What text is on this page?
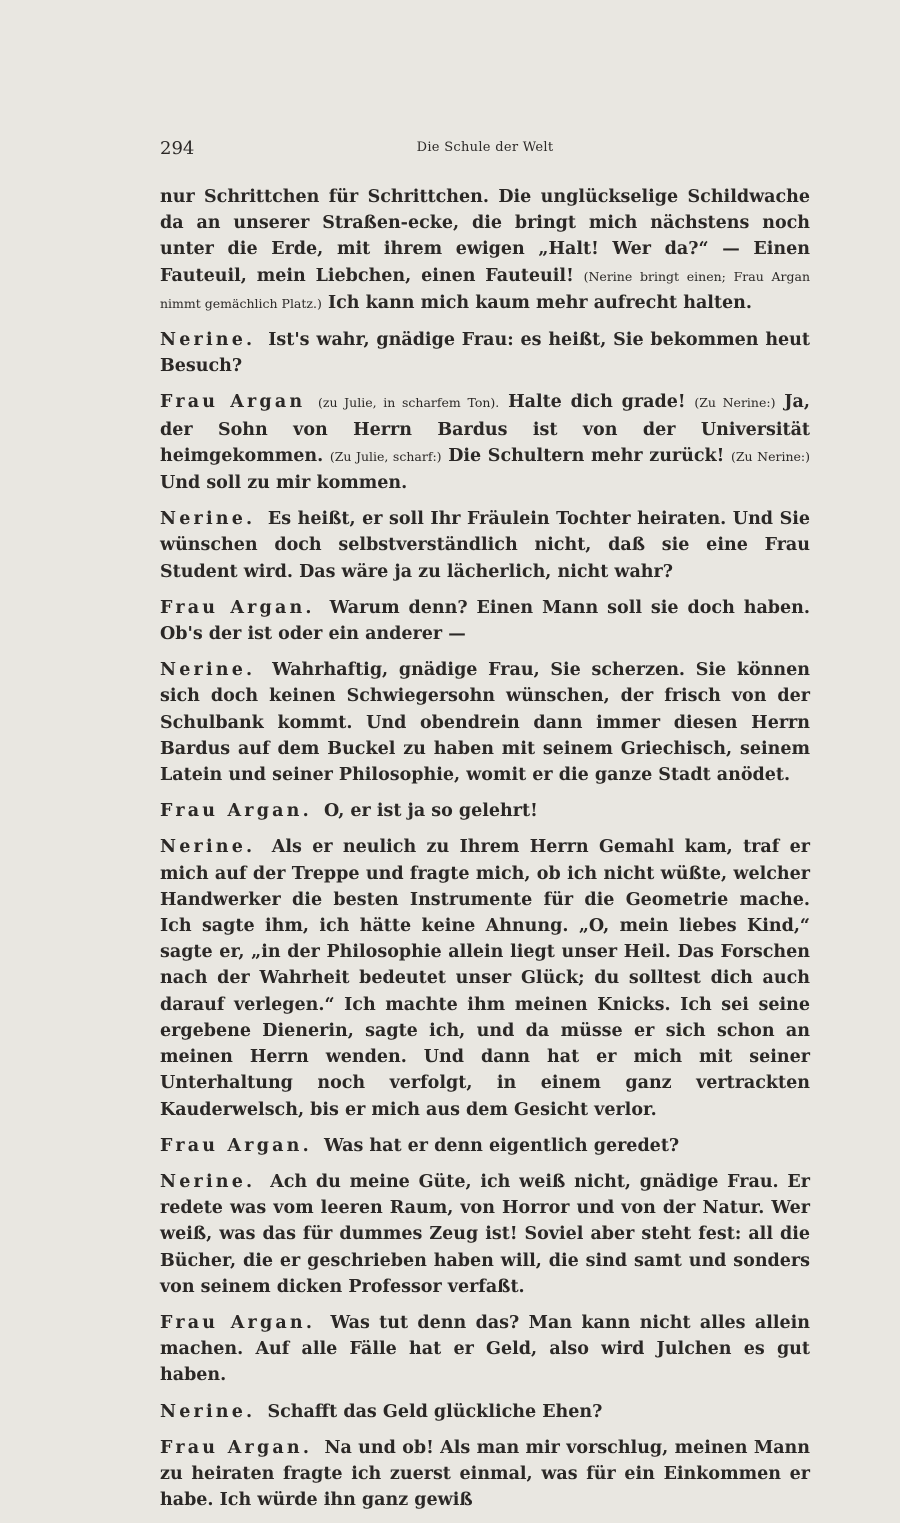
294	Die Schule der Welt

nur Schrittchen für Schrittchen. Die unglückselige Schildwache da an unserer Straßen-ecke, die bringt mich nächstens noch unter die Erde, mit ihrem ewigen „Halt! Wer da?“ — Einen Fauteuil, mein Liebchen, einen Fauteuil! (Nerine bringt einen; Frau Argan nimmt gemächlich Platz.) Ich kann mich kaum mehr aufrecht halten.

Nerine. Ist's wahr, gnädige Frau: es heißt, Sie bekommen heut Besuch?

Frau Argan (zu Julie, in scharfem Ton). Halte dich grade! (Zu Nerine:) Ja, der Sohn von Herrn Bardus ist von der Universität heimgekommen. (Zu Julie, scharf:) Die Schultern mehr zurück! (Zu Nerine:) Und soll zu mir kommen.

Nerine. Es heißt, er soll Ihr Fräulein Tochter heiraten. Und Sie wünschen doch selbstverständlich nicht, daß sie eine Frau Student wird. Das wäre ja zu lächerlich, nicht wahr?

Frau Argan. Warum denn? Einen Mann soll sie doch haben. Ob's der ist oder ein anderer —

Nerine. Wahrhaftig, gnädige Frau, Sie scherzen. Sie können sich doch keinen Schwiegersohn wünschen, der frisch von der Schulbank kommt. Und obendrein dann immer diesen Herrn Bardus auf dem Buckel zu haben mit seinem Griechisch, seinem Latein und seiner Philosophie, womit er die ganze Stadt anödet.

Frau Argan. O, er ist ja so gelehrt!

Nerine. Als er neulich zu Ihrem Herrn Gemahl kam, traf er mich auf der Treppe und fragte mich, ob ich nicht wüßte, welcher Handwerker die besten Instrumente für die Geometrie mache. Ich sagte ihm, ich hätte keine Ahnung. „O, mein liebes Kind,“ sagte er, „in der Philosophie allein liegt unser Heil. Das Forschen nach der Wahrheit bedeutet unser Glück; du solltest dich auch darauf verlegen.“ Ich machte ihm meinen Knicks. Ich sei seine ergebene Dienerin, sagte ich, und da müsse er sich schon an meinen Herrn wenden. Und dann hat er mich mit seiner Unterhaltung noch verfolgt, in einem ganz vertrackten Kauderwelsch, bis er mich aus dem Gesicht verlor.

Frau Argan. Was hat er denn eigentlich geredet?

Nerine. Ach du meine Güte, ich weiß nicht, gnädige Frau. Er redete was vom leeren Raum, von Horror und von der Natur. Wer weiß, was das für dummes Zeug ist! Soviel aber steht fest: all die Bücher, die er geschrieben haben will, die sind samt und sonders von seinem dicken Professor verfaßt.

Frau Argan. Was tut denn das? Man kann nicht alles allein machen. Auf alle Fälle hat er Geld, also wird Julchen es gut haben.

Nerine. Schafft das Geld glückliche Ehen?

Frau Argan. Na und ob! Als man mir vorschlug, meinen Mann zu heiraten fragte ich zuerst einmal, was für ein Einkommen er habe. Ich würde ihn ganz gewiß
